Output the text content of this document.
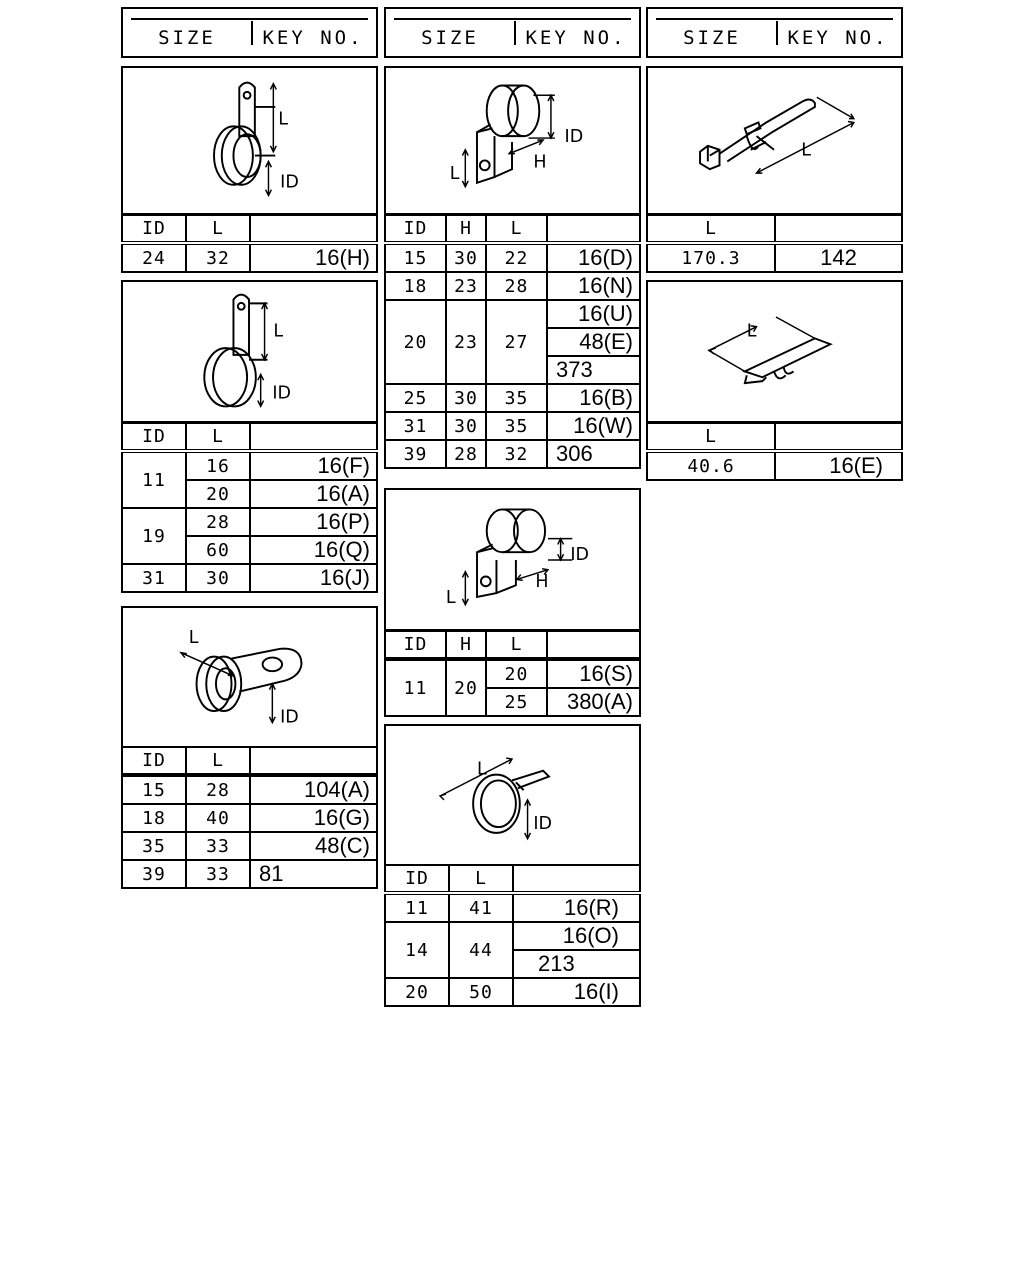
SIZE	KEY NO.	SIZE	KEY NO.	SIZE	KEY NO.
L
ID
ID	L	
24	32	16(H)
L
ID
ID	L	
11	16	16(F)
	20	16(A)
19	28	16(P)
	60	16(Q)
31	30	16(J)
L
ID
ID	L	
15	28	104(A)
18	40	16(G)
35	33	48(C)
39	33	81
ID
H
L
ID	H	L	
15	30	22	16(D)
18	23	28	16(N)
20	23	27	16(U)
			48(E)
			373
25	30	35	16(B)
31	30	35	16(W)
39	28	32	306
ID
H
L
ID	H	L	
11	20	20	16(S)
		25	380(A)
L
ID
ID	L	
11	41	16(R)
14	44	16(O)
		213
20	50	16(I)
L
L	
170.3	142
L
L	
40.6	16(E)
